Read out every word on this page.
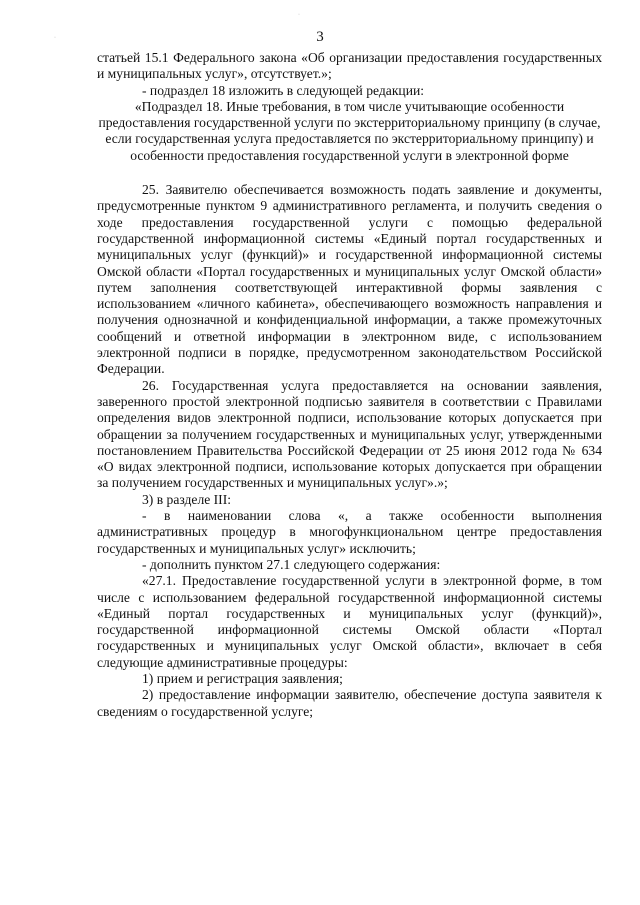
·
·	3

статьей 15.1 Федерального закона «Об организации предоставления государственных и муниципальных услуг», отсутствует.»;

- подраздел 18 изложить в следующей редакции:

«Подраздел 18. Иные требования, в том числе учитывающие особенности предоставления государственной услуги по экстерриториальному принципу (в случае, если государственная услуга предоставляется по экстерриториальному принципу) и особенности предоставления государственной услуги в электронной форме

25. Заявителю обеспечивается возможность подать заявление и документы, предусмотренные пунктом 9 административного регламента, и получить сведения о ходе предоставления государственной услуги с помощью федеральной государственной информационной системы «Единый портал государственных и муниципальных услуг (функций)» и государственной информационной системы Омской области «Портал государственных и муниципальных услуг Омской области» путем заполнения соответствующей интерактивной формы заявления с использованием «личного кабинета», обеспечивающего возможность направления и получения однозначной и конфиденциальной информации, а также промежуточных сообщений и ответной информации в электронном виде, с использованием электронной подписи в порядке, предусмотренном законодательством Российской Федерации.

26. Государственная услуга предоставляется на основании заявления, заверенного простой электронной подписью заявителя в соответствии с Правилами определения видов электронной подписи, использование которых допускается при обращении за получением государственных и муниципальных услуг, утвержденными постановлением Правительства Российской Федерации от 25 июня 2012 года № 634 «О видах электронной подписи, использование которых допускается при обращении за получением государственных и муниципальных услуг».»;

3) в разделе III:

- в наименовании слова «, а также особенности выполнения административных процедур в многофункциональном центре предоставления государственных и муниципальных услуг» исключить;

- дополнить пунктом 27.1 следующего содержания:

«27.1. Предоставление государственной услуги в электронной форме, в том числе с использованием федеральной государственной информационной системы «Единый портал государственных и муниципальных услуг (функций)», государственной информационной системы Омской области «Портал государственных и муниципальных услуг Омской области», включает в себя следующие административные процедуры:

1) прием и регистрация заявления;

2) предоставление информации заявителю, обеспечение доступа заявителя к сведениям о государственной услуге;
